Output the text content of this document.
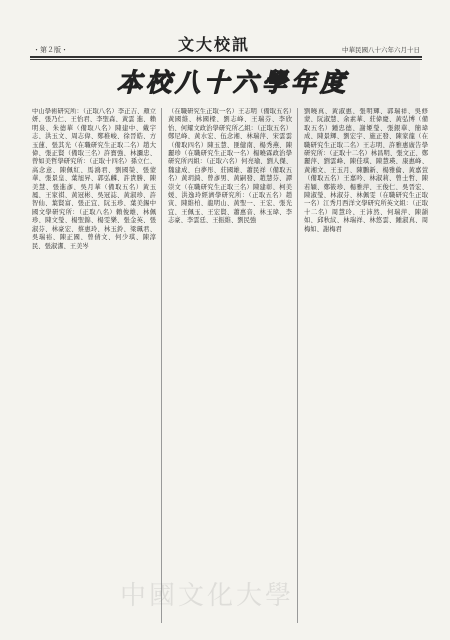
・第２版・	文大校訊	中華民國八十六年六月十日
本校八十六學年度

中山學術研究所：（正取八名）李正吉、顏立妍、張乃仁、王怡君、李聖森、黃雲 進、賴明泉、朱德華（備取八名）陳建中、戴宇志、洪玉文、周志偉、鄭稚峻、徐晉皓、方玉蓮、張其光（在職研究生正取二名）趙大偉、張正賢（備取三名）許寶強、林瀰忠、曾如美哲學研究所：（正取十四名）孫立仁、高念意、陳佩紅、馬鴻君、劉國榮、張蒙華、張景皇、葉旭昇、郭弘麟、許貴勝、陳美慧、張進彥、吳月華（備取五名）黃玉鳳、王家祺、黃冠彬、吳冠誌、黃淑珍、許智仙、葉賢富、張正宜、阮玉珍、葉美錫中國文學研究所：（正取八名）賴俊雄、林佩珍、陳文瑩、楊聖錦、楊雯樂、張金英、張淑芬、林豪宏、蔡惠玲、林玉鈴、梁珮君、吳瑞裕、陳正國、曾倩文、何少琪、陳淳民、張淑潔、王美岑

（在職研究生正取一名）王志明（備取五名）黃國維、林國樑、劉志峰、王瑞芬、李欣怡、何耀文政治學研究所乙組：（正取五名）鄭尼峰、黃水宏、伍念湘、林瑞萍、宋雲雲（備取四名）陳玉慧、匪健南、楊秀燕、陳麗珍（在職研究生正取一名）楊曉霖政治學研究所丙組：（正取六名）何亮瑜、劉人傑、魏建成、白夢彤、莊國雄、蕭民祥（備取五名）黃玥錡、曾彥男、黃嗣發、趙慧芬、譚崇文（在職研究生正取三名）陳建彰、柯美媛、洪逸玲經濟學研究所：（正取五名）趙寅、陳維柏、龍明山、黃聖一、王宏、張光宜、王佩玉、王宏賢、蕭惠音、林玉瑋、李志豪、李雲廷、王振維、劉民強

劉曉真、黃淑惠、張明輝、郭瑞祥、吳修蒙、阮淑慧、余素華、莊偉慶、黃弘博（備取五名）鍾忠德、謝姬瑩、張銀華、簡瑋成、陳景輝、劉宏宇、施正發、陳家龍（在職研究生正取二名）王志明、許雅惠廣告學研究所：（正取十二名）林昌明、張文正、鄭麗萍、劉雲峰、陳佳琪、陳慧瑛、康惠峰、黃湘文、王玉月、陳鵬新、楊雅倫、黃嘉萱（備取五名）王嘉吟、林淑莉、曾士哲、陳若穎、鄭筱珍、楊雅萍、王俊仁、吳晉宏、陳淑瑩、林淑芬、林佩雯（在職研究生正取一名）江秀月西洋文學研究所英文組：（正取十二名）周慧玲、王沛然、何瑞萍、陳韻如、邱秋紋、林瑞祥、林悠雲、鍾淑真、周梅如、謝梅君

中國文化大學
